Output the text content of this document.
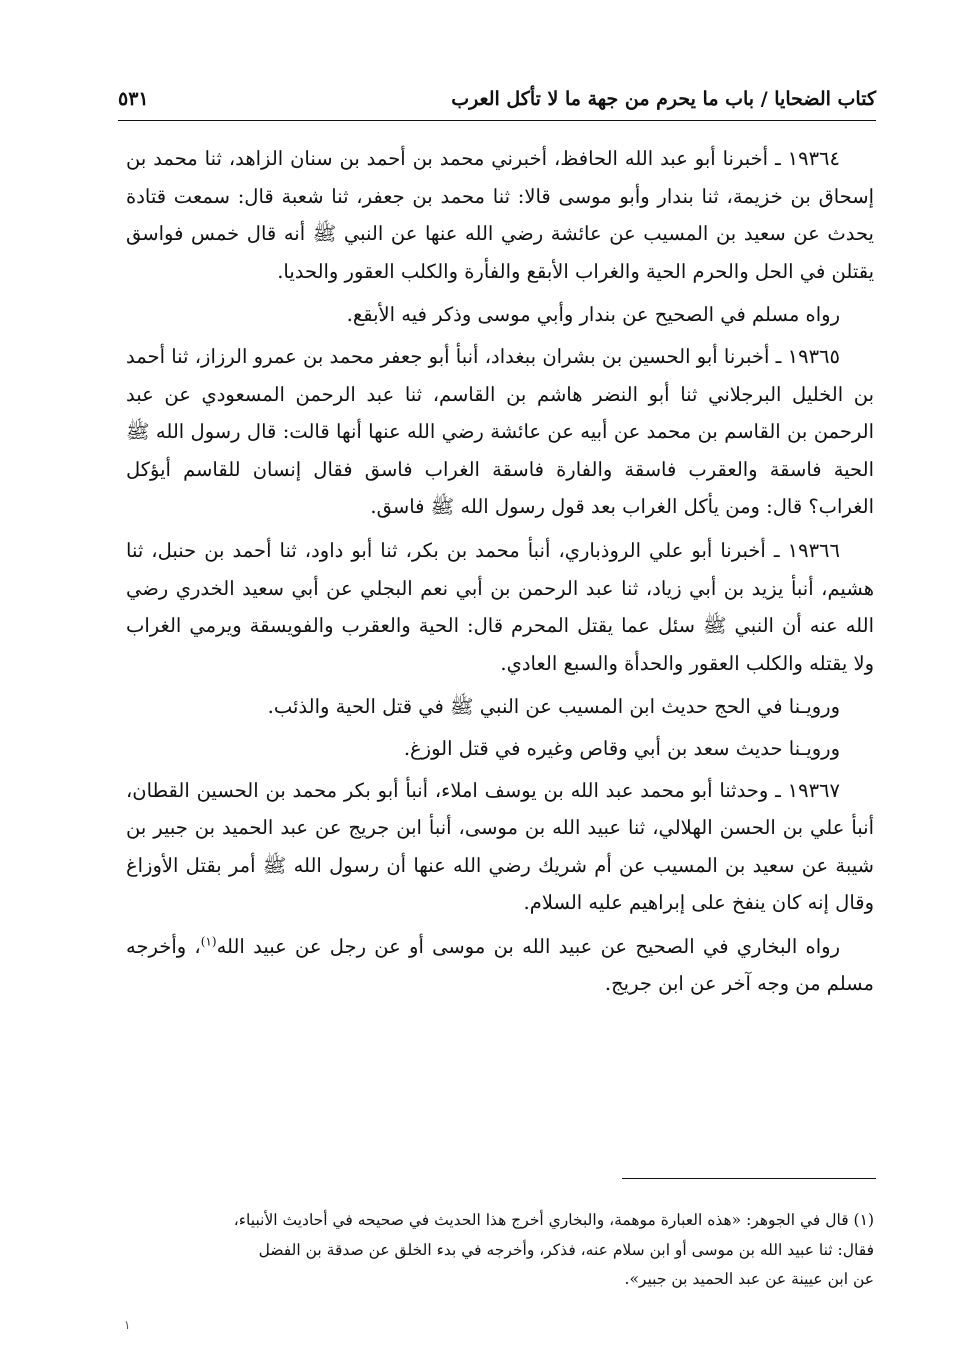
كتاب الضحايا / باب ما يحرم من جهة ما لا تأكل العرب
٥٣١

١٩٣٦٤ ـ أخبرنا أبو عبد الله الحافظ، أخبرني محمد بن أحمد بن سنان الزاهد، ثنا محمد بن إسحاق بن خزيمة، ثنا بندار وأبو موسى قالا: ثنا محمد بن جعفر، ثنا شعبة قال: سمعت قتادة يحدث عن سعيد بن المسيب عن عائشة رضي الله عنها عن النبي ﷺ أنه قال خمس فواسق يقتلن في الحل والحرم الحية والغراب الأبقع والفأرة والكلب العقور والحديا.

رواه مسلم في الصحيح عن بندار وأبي موسى وذكر فيه الأبقع.

١٩٣٦٥ ـ أخبرنا أبو الحسين بن بشران ببغداد، أنبأ أبو جعفر محمد بن عمرو الرزاز، ثنا أحمد بن الخليل البرجلاني ثنا أبو النضر هاشم بن القاسم، ثنا عبد الرحمن المسعودي عن عبد الرحمن بن القاسم بن محمد عن أبيه عن عائشة رضي الله عنها أنها قالت: قال رسول الله ﷺ الحية فاسقة والعقرب فاسقة والفارة فاسقة الغراب فاسق فقال إنسان للقاسم أيؤكل الغراب؟ قال: ومن يأكل الغراب بعد قول رسول الله ﷺ فاسق.

١٩٣٦٦ ـ أخبرنا أبو علي الروذباري، أنبأ محمد بن بكر، ثنا أبو داود، ثنا أحمد بن حنبل، ثنا هشيم، أنبأ يزيد بن أبي زياد، ثنا عبد الرحمن بن أبي نعم البجلي عن أبي سعيد الخدري رضي الله عنه أن النبي ﷺ سئل عما يقتل المحرم قال: الحية والعقرب والفويسقة ويرمي الغراب ولا يقتله والكلب العقور والحدأة والسبع العادي.

ورويـنا في الحج حديث ابن المسيب عن النبي ﷺ في قتل الحية والذئب.

ورويـنا حديث سعد بن أبي وقاص وغيره في قتل الوزغ.

١٩٣٦٧ ـ وحدثنا أبو محمد عبد الله بن يوسف املاء، أنبأ أبو بكر محمد بن الحسين القطان، أنبأ علي بن الحسن الهلالي، ثنا عبيد الله بن موسى، أنبأ ابن جريج عن عبد الحميد بن جبير بن شيبة عن سعيد بن المسيب عن أم شريك رضي الله عنها أن رسول الله ﷺ أمر بقتل الأوزاغ وقال إنه كان ينفخ على إبراهيم عليه السلام.

رواه البخاري في الصحيح عن عبيد الله بن موسى أو عن رجل عن عبيد الله$^{(١)}$، وأخرجه مسلم من وجه آخر عن ابن جريج.

(١) قال في الجوهر: «هذه العبارة موهمة، والبخاري أخرج هذا الحديث في صحيحه في أحاديث الأنبياء،

فقال: ثنا عبيد الله بن موسى أو ابن سلام عنه، فذكر، وأخرجه في بدء الخلق عن صدقة بن الفضل

عن ابن عيينة عن عبد الحميد بن جبير».

١
